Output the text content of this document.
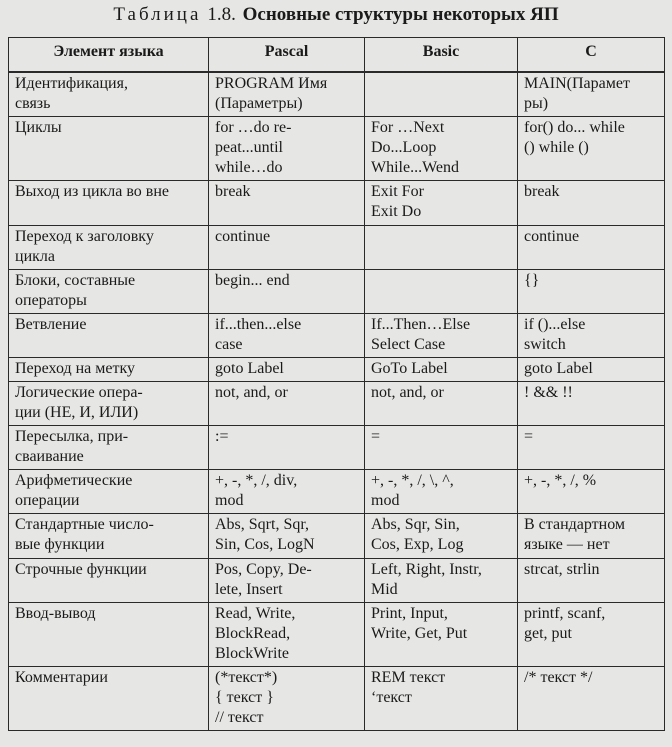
Таблица 1.8. Основные структуры некоторых ЯП
Элемент языка	Pascal	Basic	C

Идентификация,
связь	PROGRAM Имя
(Параметры)		MAIN(Парамет
ры)

Циклы	for …do re-
peat...until
while…do	For …Next
Do...Loop
While...Wend	for() do... while
() while ()

Выход из цикла во вне	break	Exit For
Exit Do	break

Переход к заголовку
цикла	continue		continue

Блоки, составные
операторы	begin... end		{}

Ветвление	if...then...else
case	If...Then…Else
Select Case	if ()...else
switch

Переход на метку	goto Label	GoTo Label	goto Label

Логические опера-
ции (НЕ, И, ИЛИ)	not, and, or	not, and, or	! && !!

Пересылка, при-
сваивание	:=	=	=

Арифметические
операции	+, -, *, /, div,
mod	+, -, *, /, \, ^,
mod	+, -, *, /, %

Стандартные число-
вые функции	Abs, Sqrt, Sqr,
Sin, Cos, LogN	Abs, Sqr, Sin,
Cos, Exp, Log	В стандартном
языке — нет

Строчные функции	Pos, Copy, De-
lete, Insert	Left, Right, Instr,
Mid	strcat, strlin

Ввод-вывод	Read, Write,
BlockRead,
BlockWrite	Print, Input,
Write, Get, Put	printf, scanf,
get, put

Комментарии	(*текст*)
{ текст }
// текст	REM текст
‘текст	/* текст */
